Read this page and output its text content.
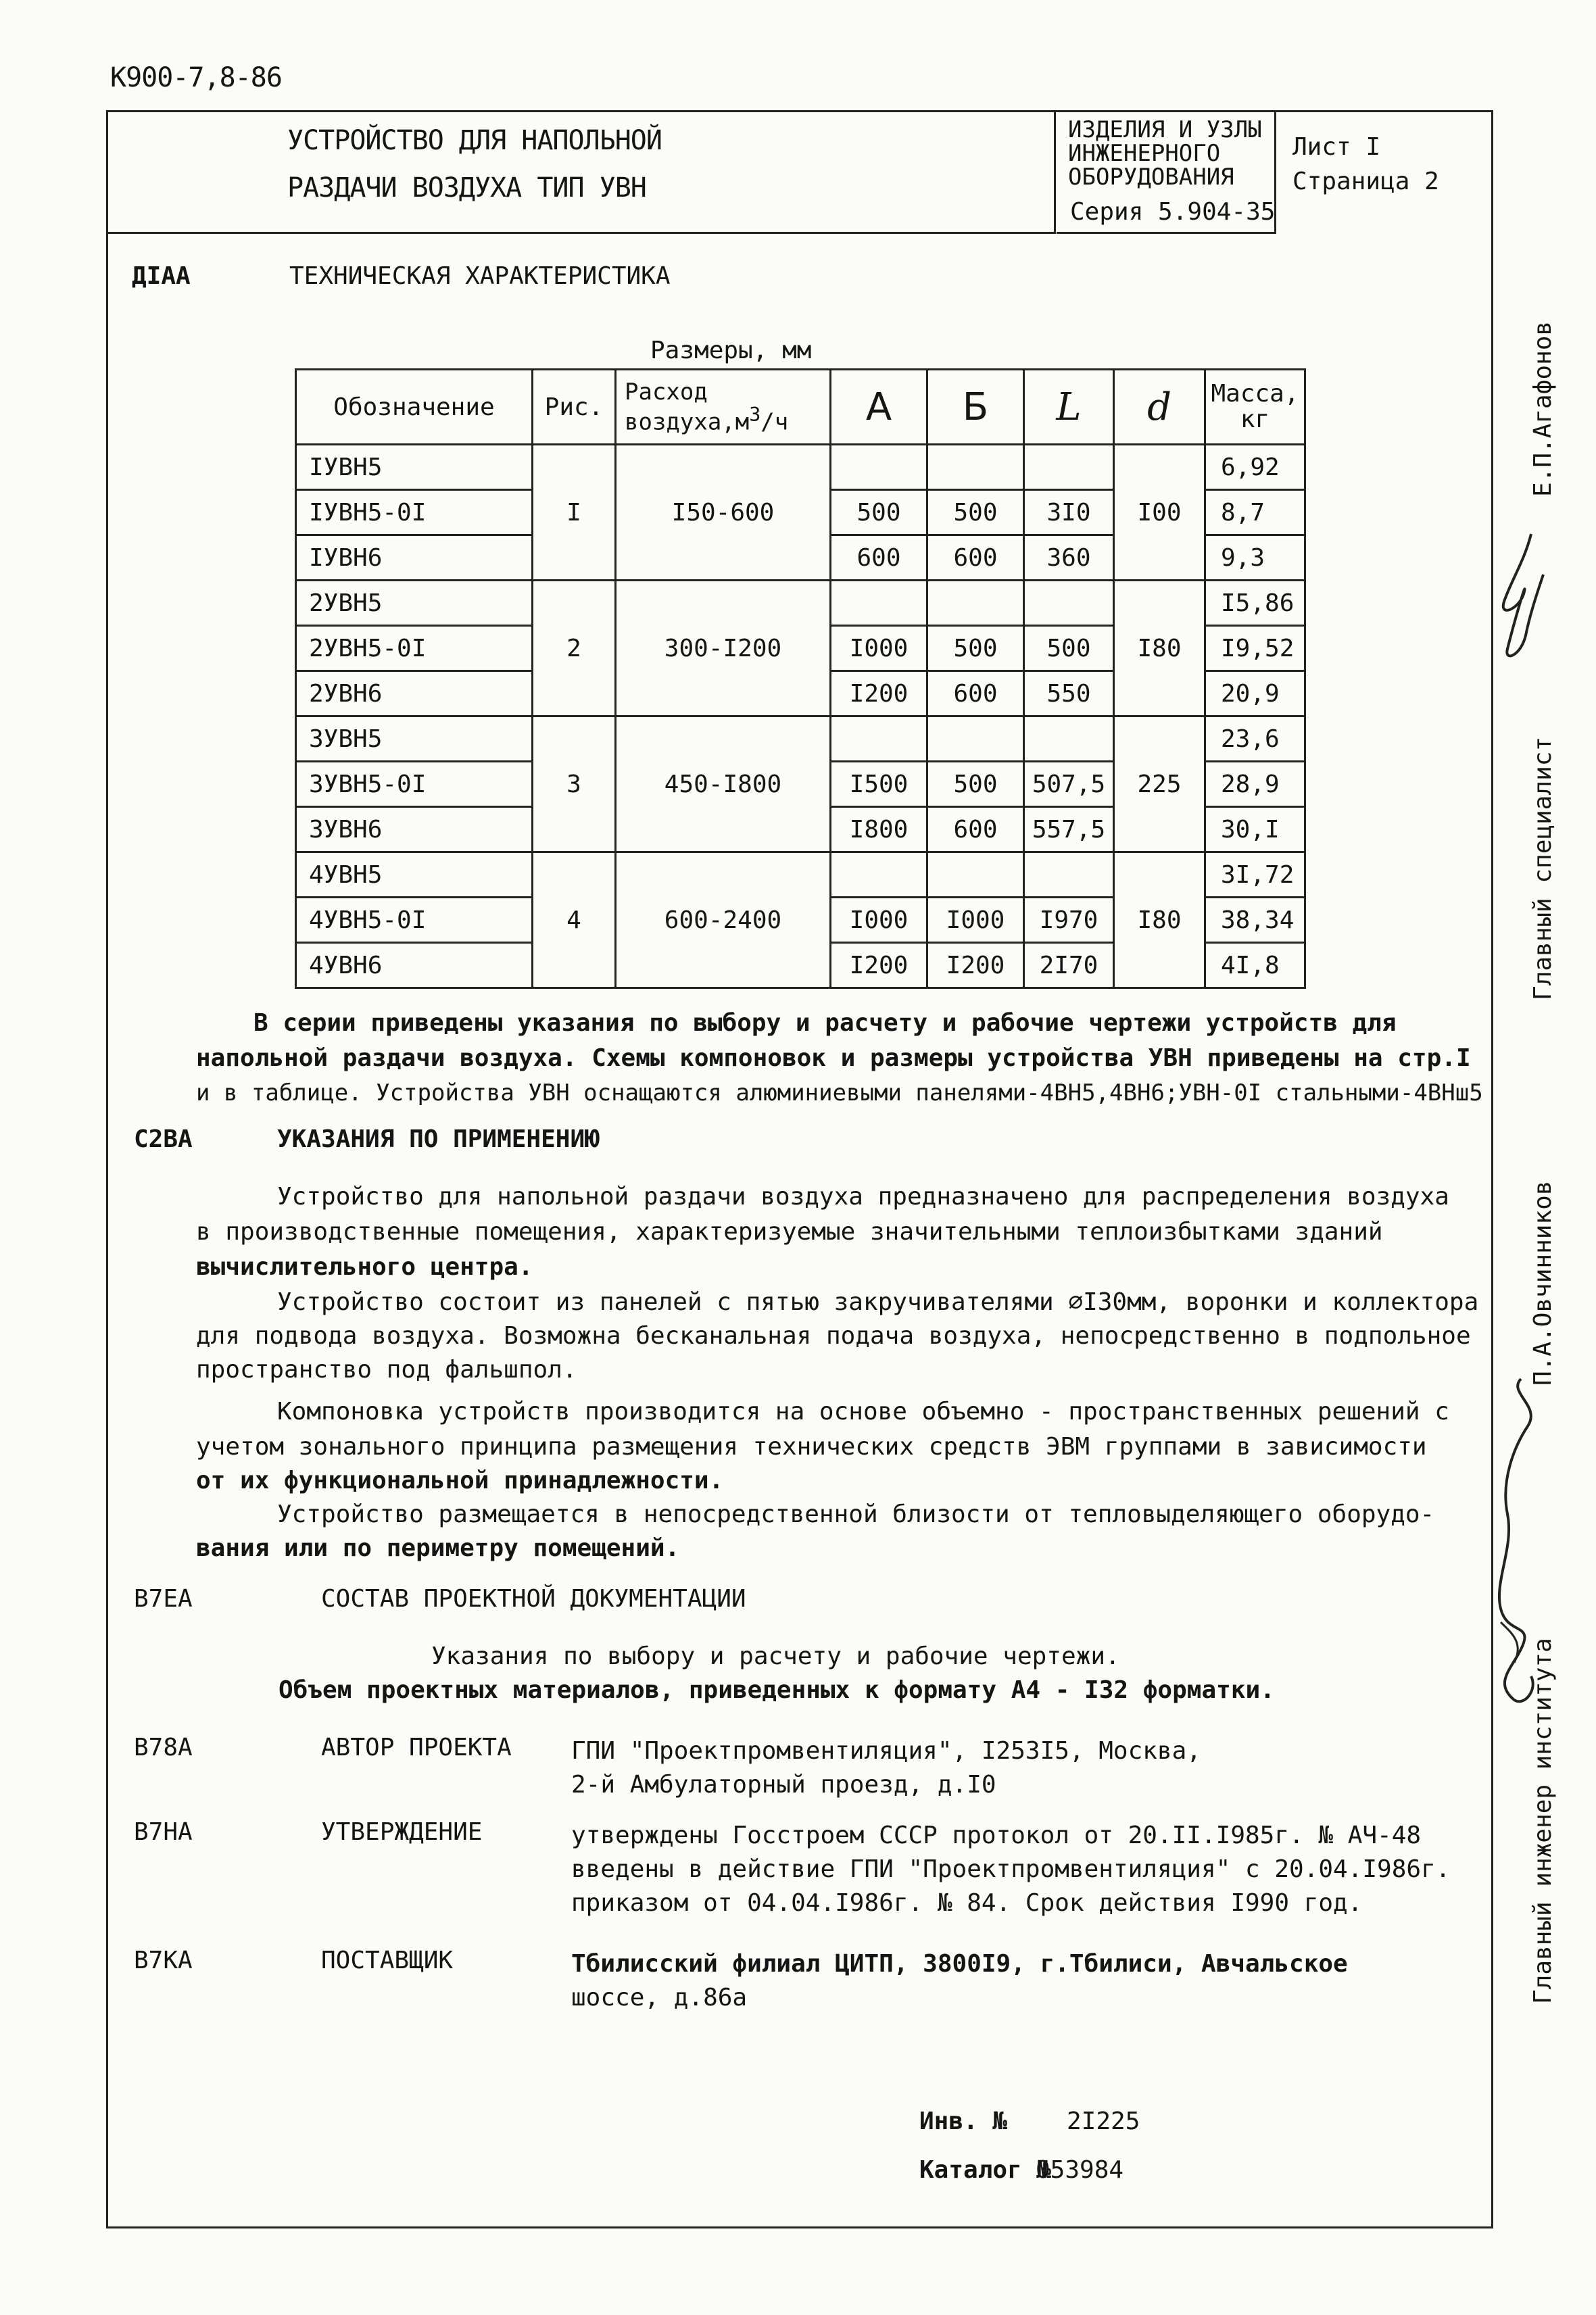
К900-7,8-86
УСТРОЙСТВО ДЛЯ НАПОЛЬНОЙ
РАЗДАЧИ ВОЗДУХА ТИП УВН
ИЗДЕЛИЯ И УЗЛЫ
ИНЖЕНЕРНОГО
ОБОРУДОВАНИЯ
Серия 5.904-35
Лист I
Страница 2
ДIАА	ТЕХНИЧЕСКАЯ ХАРАКТЕРИСТИКА
Размеры, мм
Обозначение	Рис.	Расход
$воздуха,м^3/ч$	А	Б	L	d	Масса,
кг

IУВН5	I	I50-600				I00	6,92
IУВН5-0I			500	500	3I0		8,7
IУВН6			600	600	360		9,3
2УВН5	2	300-I200				I80	I5,86
2УВН5-0I			I000	500	500		I9,52
2УВН6			I200	600	550		20,9
3УВН5	3	450-I800				225	23,6
3УВН5-0I			I500	500	507,5		28,9
3УВН6			I800	600	557,5		30,I
4УВН5	4	600-2400				I80	3I,72
4УВН5-0I			I000	I000	I970		38,34
4УВН6			I200	I200	2I70		4I,8
В серии приведены указания по выбору и расчету и рабочие чертежи устройств для
напольной раздачи воздуха. Схемы компоновок и размеры устройства УВН приведены на стр.I
и в таблице. Устройства УВН оснащаются алюминиевыми панелями-4ВН5,4ВН6;УВН-0I стальными-4ВНш5
С2ВА	УКАЗАНИЯ ПО ПРИМЕНЕНИЮ
Устройство для напольной раздачи воздуха предназначено для распределения воздуха
в производственные помещения, характеризуемые значительными теплоизбытками зданий
вычислительного центра.
Устройство состоит из панелей с пятью закручивателями ∅I30мм, воронки и коллектора
для подвода воздуха. Возможна бесканальная подача воздуха, непосредственно в подпольное
пространство под фальшпол.
Компоновка устройств производится на основе объемно - пространственных решений с
учетом зонального принципа размещения технических средств ЭВМ группами в зависимости
от их функциональной принадлежности.
Устройство размещается в непосредственной близости от тепловыделяющего оборудо-
вания или по периметру помещений.
В7ЕА	СОСТАВ ПРОЕКТНОЙ ДОКУМЕНТАЦИИ
Указания по выбору и расчету и рабочие чертежи.
Объем проектных материалов, приведенных к формату А4 - I32 форматки.
В78А	АВТОР ПРОЕКТА ГПИ "Проектпромвентиляция", I253I5, Москва,
2-й Амбулаторный проезд, д.I0
В7НА	УТВЕРЖДЕНИЕ	утверждены Госстроем СССР протокол от 20.II.I985г. № АЧ-48
введены в действие ГПИ "Проектпромвентиляция" с 20.04.I986г.
приказом от 04.04.I986г. № 84. Срок действия I990 год.
В7КА	ПОСТАВЩИК	Тбилисский филиал ЦИТП, 3800I9, г.Тбилиси, Авчальское
шоссе, д.86а
Инв. № 2I225
Каталог №
053984
Е.П.Агафонов
Главный специалист
П.А.Овчинников
Главный инженер института
